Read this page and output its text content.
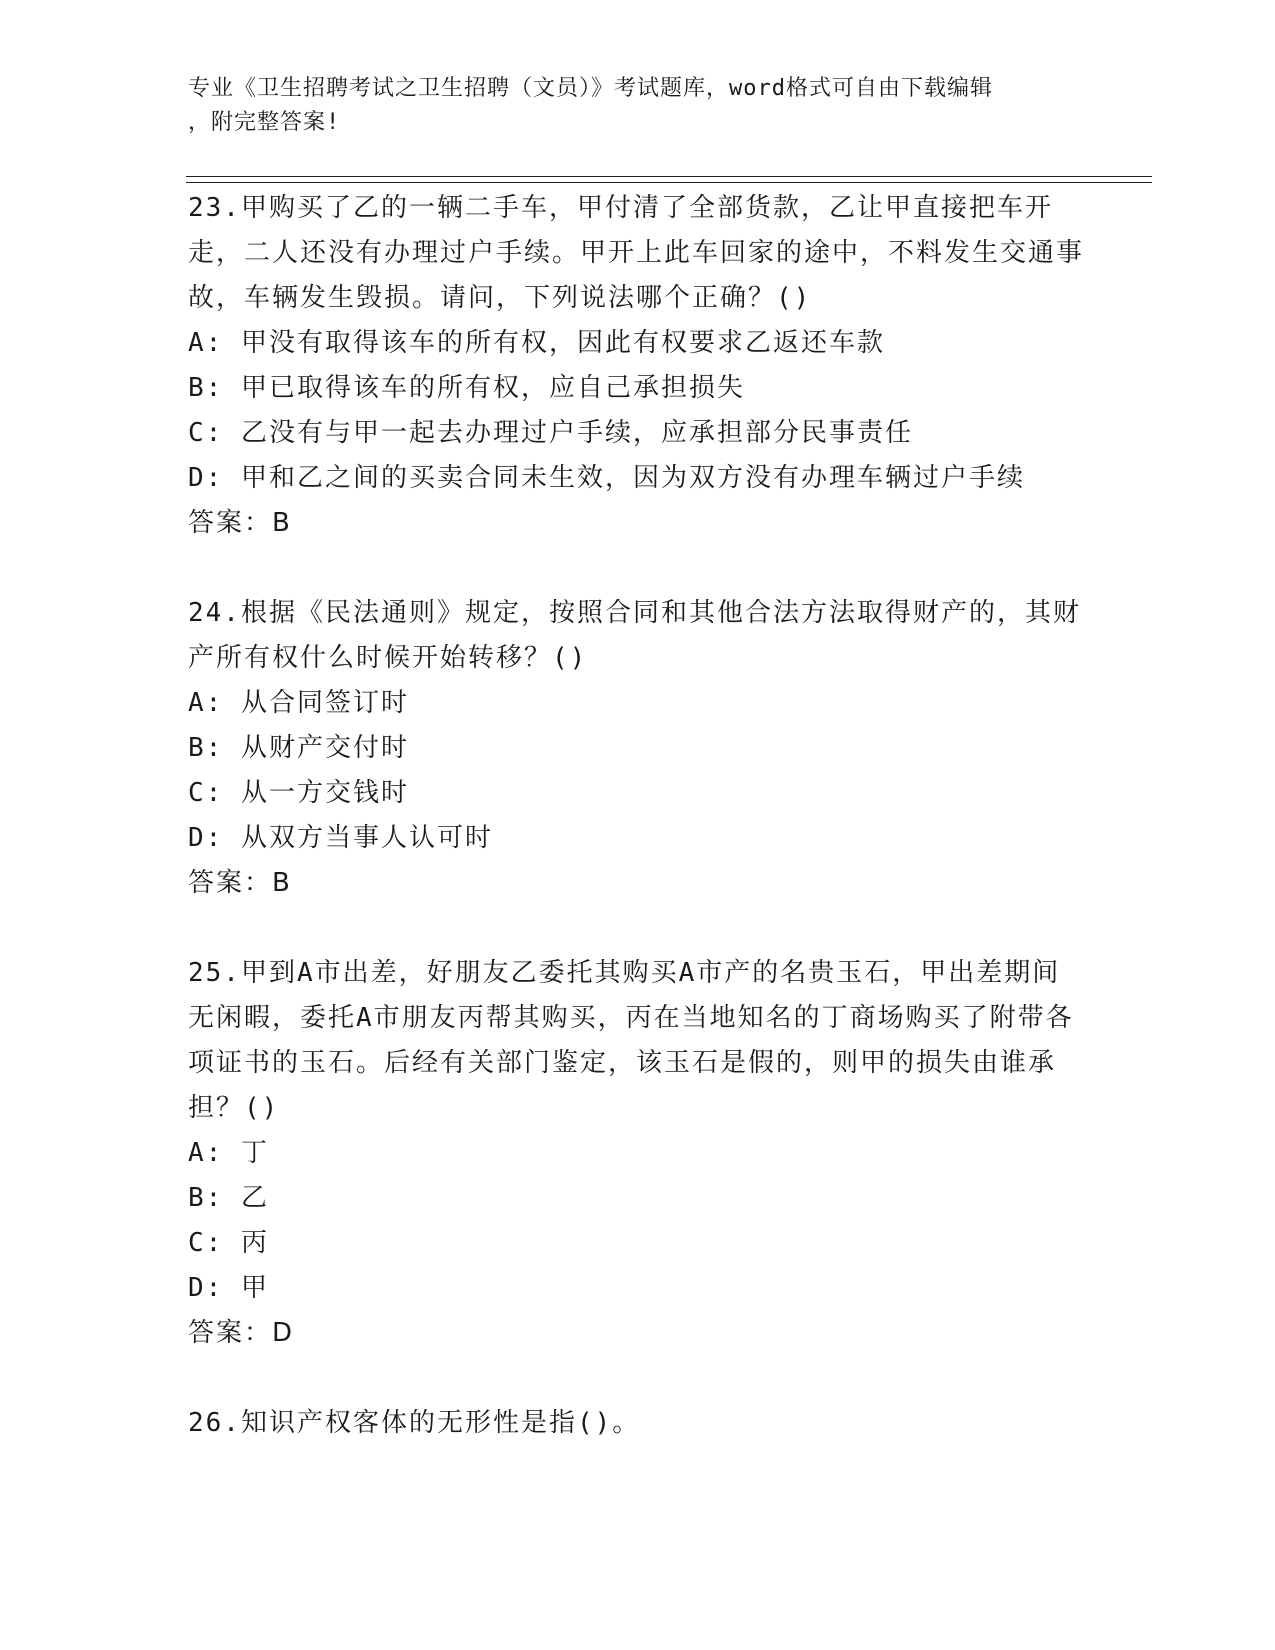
专业《卫生招聘考试之卫生招聘（文员）》考试题库，word格式可自由下载编辑
，附完整答案!

23.甲购买了乙的一辆二手车，甲付清了全部货款，乙让甲直接把车开走，二人还没有办理过户手续。甲开上此车回家的途中，不料发生交通事故，车辆发生毁损。请问，下列说法哪个正确？()

A: 甲没有取得该车的所有权，因此有权要求乙返还车款

B: 甲已取得该车的所有权，应自己承担损失

C: 乙没有与甲一起去办理过户手续，应承担部分民事责任

D: 甲和乙之间的买卖合同未生效，因为双方没有办理车辆过户手续

答案：B

24.根据《民法通则》规定，按照合同和其他合法方法取得财产的，其财产所有权什么时候开始转移？()

A: 从合同签订时

B: 从财产交付时

C: 从一方交钱时

D: 从双方当事人认可时

答案：B

25.甲到A市出差，好朋友乙委托其购买A市产的名贵玉石，甲出差期间无闲暇，委托A市朋友丙帮其购买，丙在当地知名的丁商场购买了附带各项证书的玉石。后经有关部门鉴定，该玉石是假的，则甲的损失由谁承担？()

A: 丁

B: 乙

C: 丙

D: 甲

答案：D

26.知识产权客体的无形性是指()。
